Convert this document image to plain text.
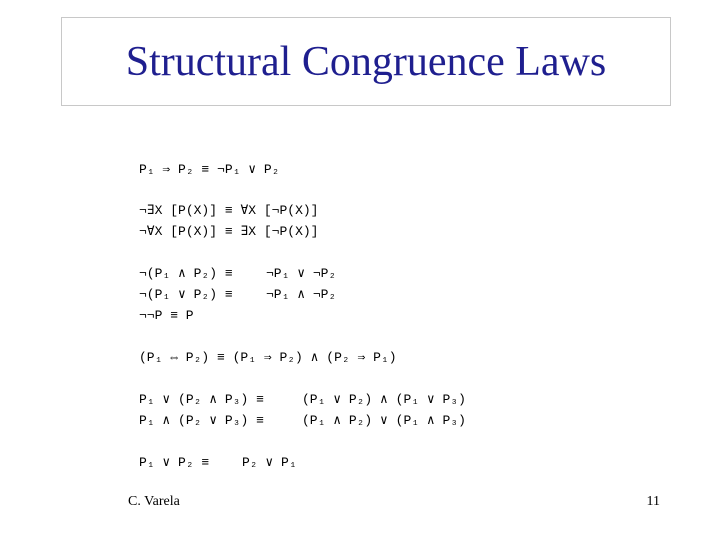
Structural Congruence Laws
P₁ ⇒ P₂ ≡ ¬P₁ ∨ P₂
¬∃X [P(X)] ≡ ∀X [¬P(X)]
¬∀X [P(X)] ≡ ∃X [¬P(X)]
¬(P₁ ∧ P₂) ≡	¬P₁ ∨ ¬P₂
¬(P₁ ∨ P₂) ≡	¬P₁ ∧ ¬P₂
¬¬P ≡ P
(P₁ ⇔ P₂) ≡ (P₁ ⇒ P₂) ∧ (P₂ ⇒ P₁)
P₁ ∨ (P₂ ∧ P₃) ≡	(P₁ ∨ P₂) ∧ (P₁ ∨ P₃)
P₁ ∧ (P₂ ∨ P₃) ≡	(P₁ ∧ P₂) ∨ (P₁ ∧ P₃)
P₁ ∨ P₂ ≡	P₂ ∨ P₁
C. Varela	11
